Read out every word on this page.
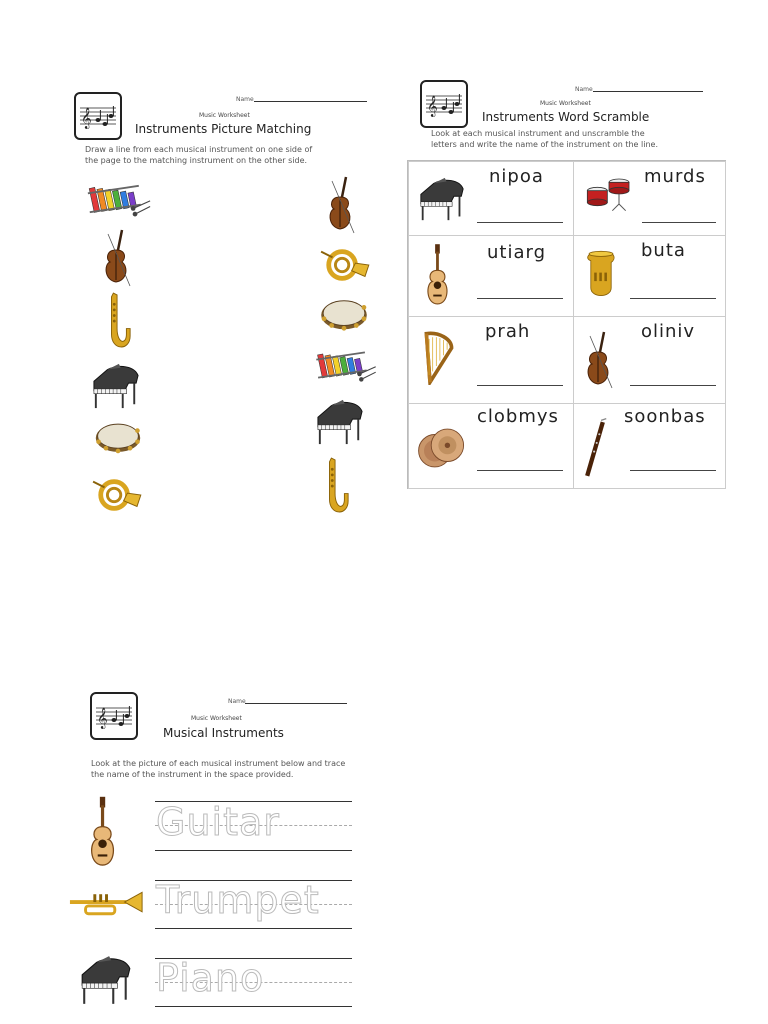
Name
Music Worksheet
Instruments Picture Matching
Draw a line from each musical instrument on one side of
the page to the matching instrument on the other side.
Name
Music Worksheet
Instruments Word Scramble
Look at each musical instrument and unscramble the
letters and write the name of the instrument on the line.
nipoa	murds
utiarg	buta
prah	oliniv
clobmys	soonbas
Name
Music Worksheet
Musical Instruments
Look at the picture of each musical instrument below and trace
the name of the instrument in the space provided.
Guitar
Trumpet
Piano
